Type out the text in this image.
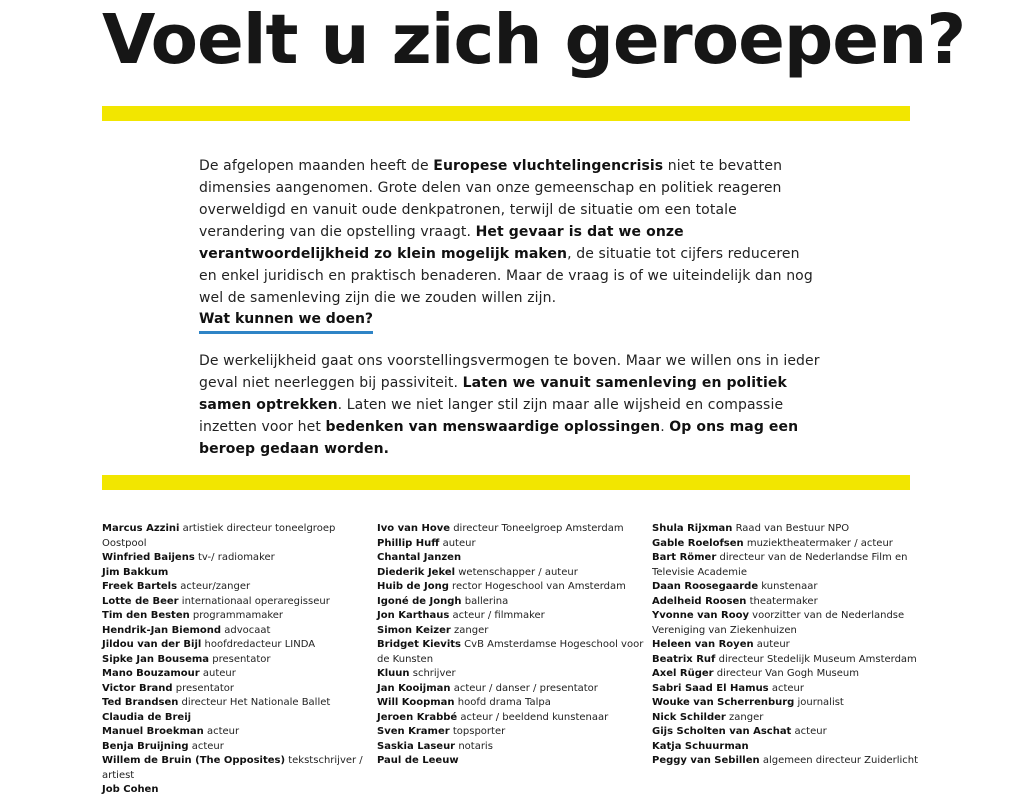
Voelt u zich geroepen?

De afgelopen maanden heeft de Europese vluchtelingencrisis niet te bevatten dimensies aangenomen. Grote delen van onze gemeenschap en politiek reageren overweldigd en vanuit oude denkpatronen, terwijl de situatie om een totale verandering van die opstelling vraagt. Het gevaar is dat we onze verantwoordelijkheid zo klein mogelijk maken, de situatie tot cijfers reduceren en enkel juridisch en praktisch benaderen. Maar de vraag is of we uiteindelijk dan nog wel de samenleving zijn die we zouden willen zijn.

Wat kunnen we doen?

De werkelijkheid gaat ons voorstellingsvermogen te boven. Maar we willen ons in ieder geval niet neerleggen bij passiviteit. Laten we vanuit samenleving en politiek samen optrekken. Laten we niet langer stil zijn maar alle wijsheid en compassie inzetten voor het bedenken van menswaardige oplossingen. Op ons mag een beroep gedaan worden.

Marcus Azzini artistiek directeur toneelgroep Oostpool

Winfried Baijens tv-/ radiomaker

Jim Bakkum

Freek Bartels acteur/zanger

Lotte de Beer internationaal operaregisseur

Tim den Besten programmamaker

Hendrik-Jan Biemond advocaat

Jildou van der Bijl hoofdredacteur LINDA

Sipke Jan Bousema presentator

Mano Bouzamour auteur

Victor Brand presentator

Ted Brandsen directeur Het Nationale Ballet

Claudia de Breij

Manuel Broekman acteur

Benja Bruijning acteur

Willem de Bruin (The Opposites) tekstschrijver / artiest

Job Cohen

Ivo van Hove directeur Toneelgroep Amsterdam

Phillip Huff auteur

Chantal Janzen

Diederik Jekel wetenschapper / auteur

Huib de Jong rector Hogeschool van Amsterdam

Igoné de Jongh ballerina

Jon Karthaus acteur / filmmaker

Simon Keizer zanger

Bridget Kievits CvB Amsterdamse Hogeschool voor de Kunsten

Kluun schrijver

Jan Kooijman acteur / danser / presentator

Will Koopman hoofd drama Talpa

Jeroen Krabbé acteur / beeldend kunstenaar

Sven Kramer topsporter

Saskia Laseur notaris

Paul de Leeuw

Shula Rijxman Raad van Bestuur NPO

Gable Roelofsen muziektheatermaker / acteur

Bart Römer directeur van de Nederlandse Film en Televisie Academie

Daan Roosegaarde kunstenaar

Adelheid Roosen theatermaker

Yvonne van Rooy voorzitter van de Nederlandse Vereniging van Ziekenhuizen

Heleen van Royen auteur

Beatrix Ruf directeur Stedelijk Museum Amsterdam

Axel Rüger directeur Van Gogh Museum

Sabri Saad El Hamus acteur

Wouke van Scherrenburg journalist

Nick Schilder zanger

Gijs Scholten van Aschat acteur

Katja Schuurman

Peggy van Sebillen algemeen directeur Zuiderlicht
